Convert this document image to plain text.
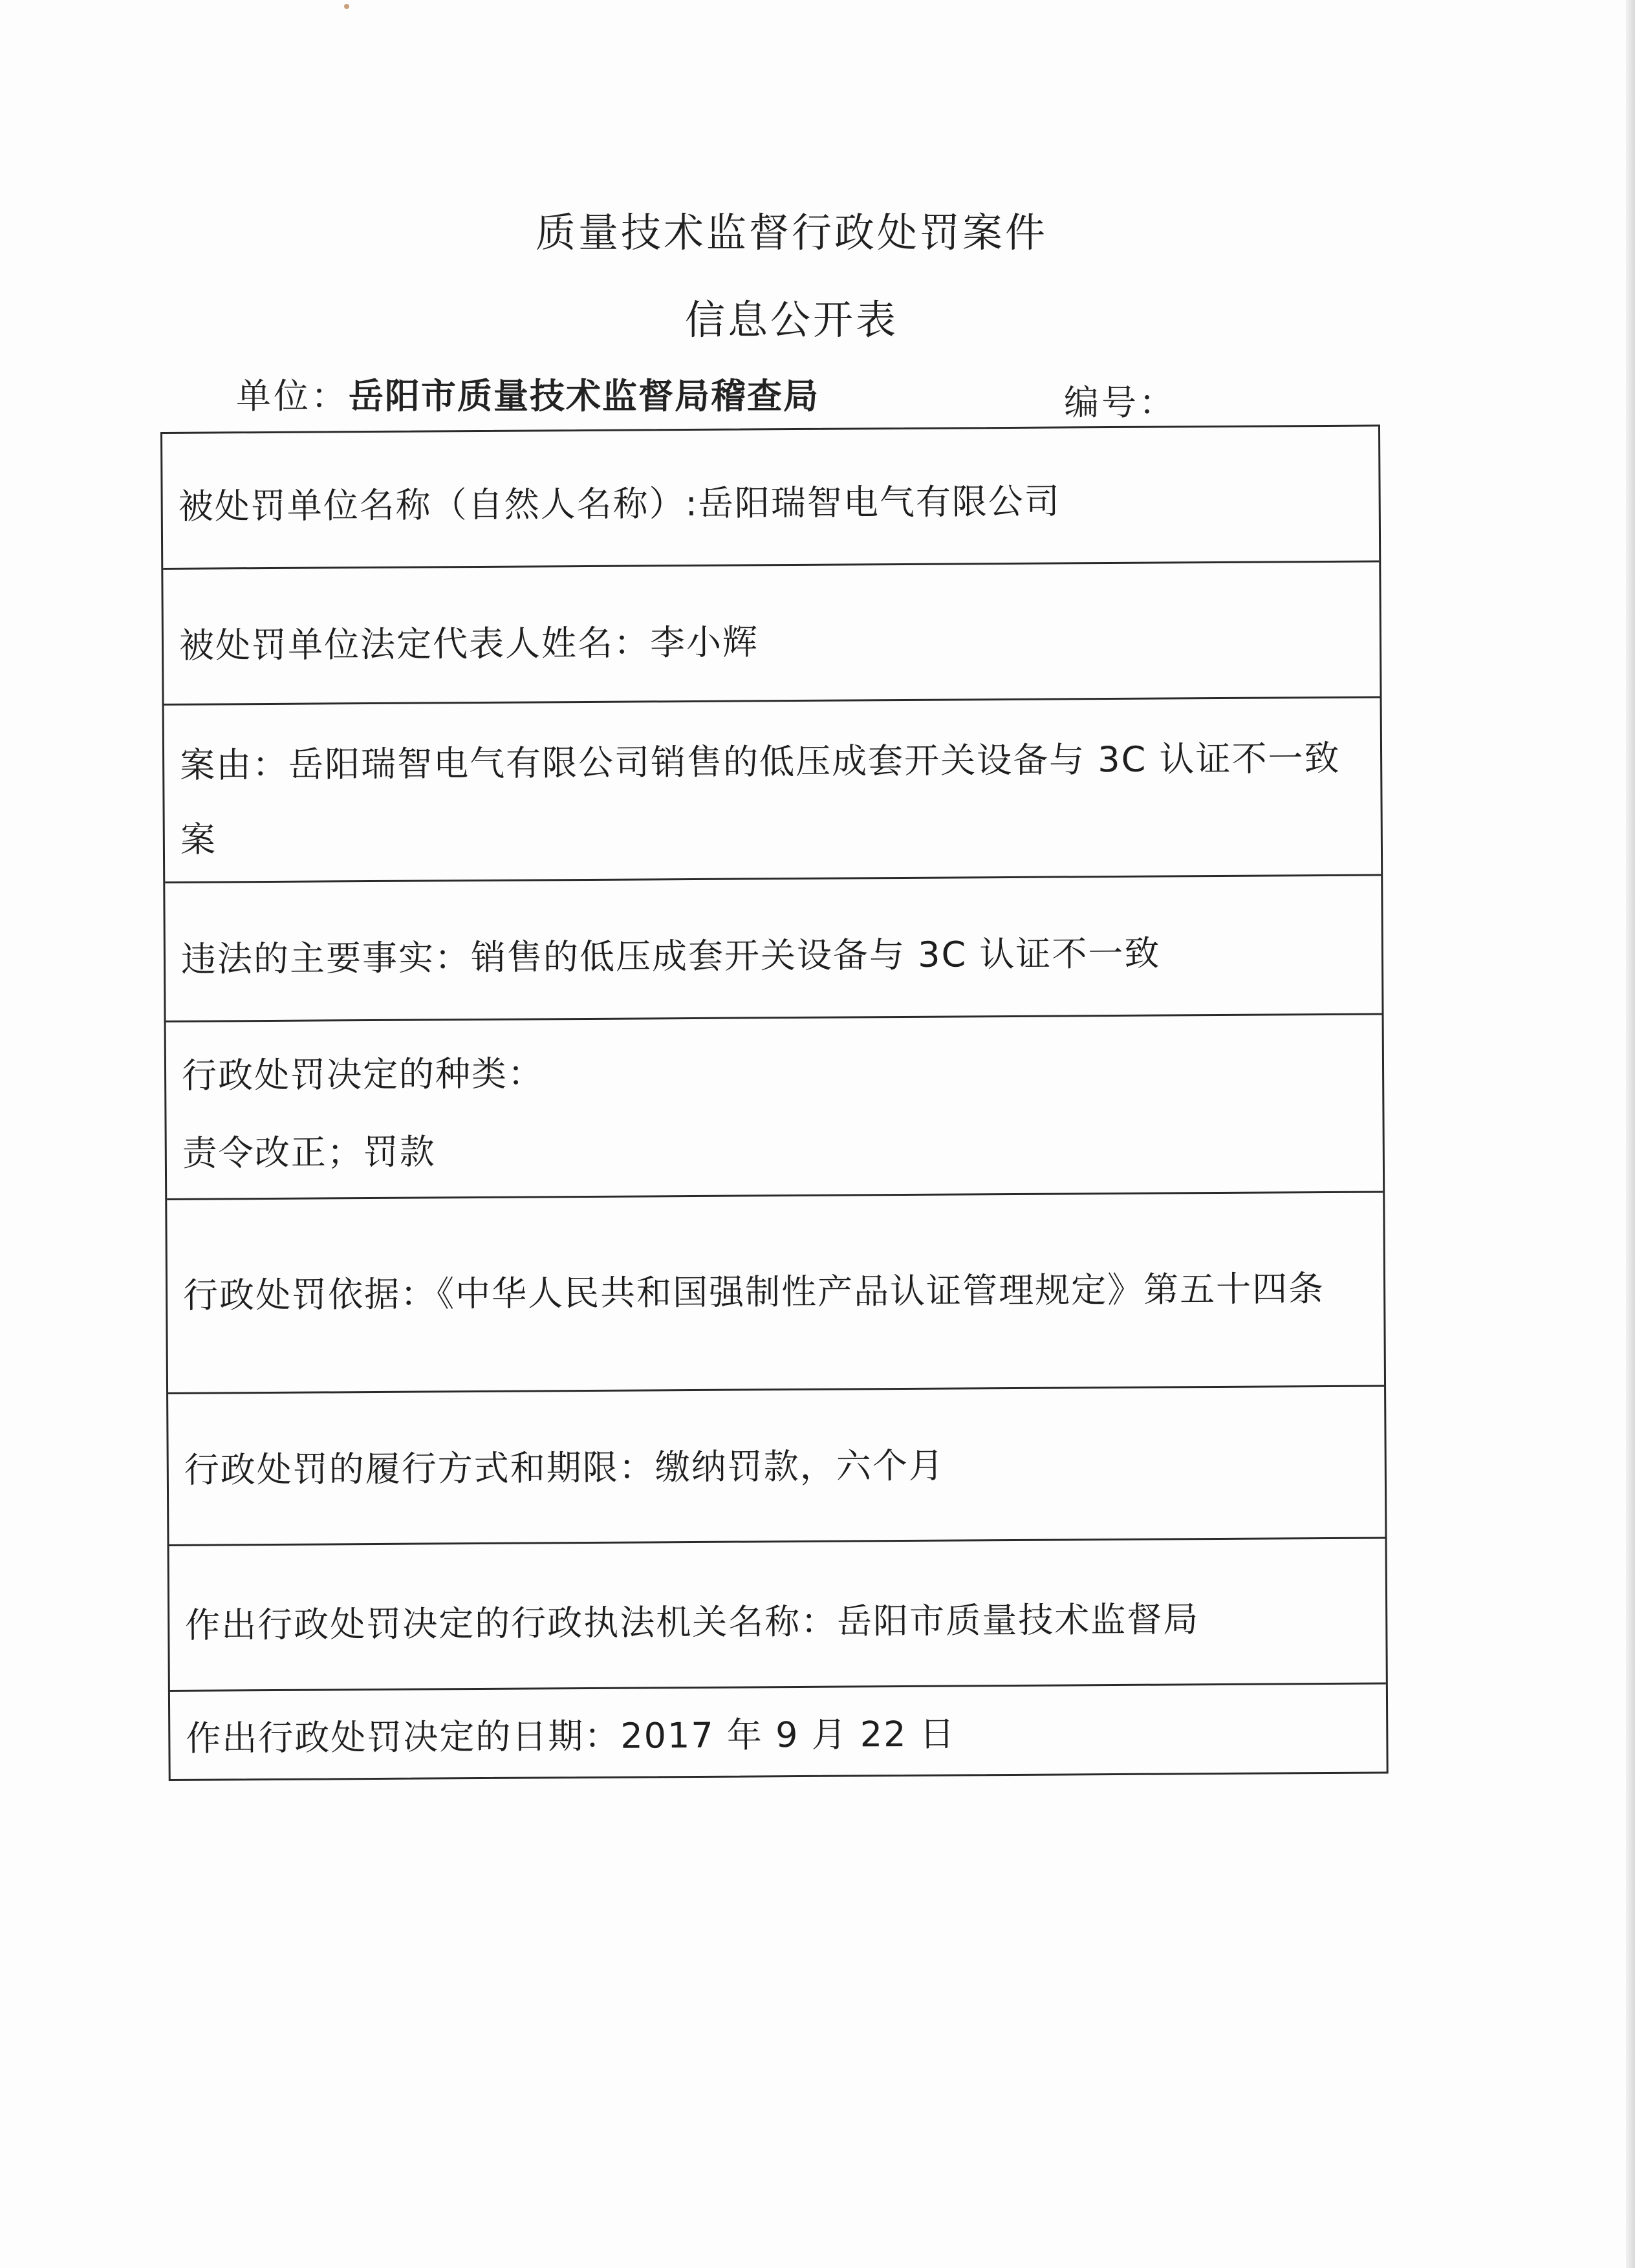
质量技术监督行政处罚案件
信息公开表
单位：岳阳市质量技术监督局稽查局	编号：
被处罚单位名称（自然人名称）:岳阳瑞智电气有限公司
被处罚单位法定代表人姓名：李小辉
案由：岳阳瑞智电气有限公司销售的低压成套开关设备与 3C 认证不一致
案
违法的主要事实：销售的低压成套开关设备与 3C 认证不一致
行政处罚决定的种类：
责令改正；罚款
行政处罚依据：《中华人民共和国强制性产品认证管理规定》第五十四条
行政处罚的履行方式和期限：缴纳罚款，六个月
作出行政处罚决定的行政执法机关名称：岳阳市质量技术监督局
作出行政处罚决定的日期：2017 年 9 月 22 日
